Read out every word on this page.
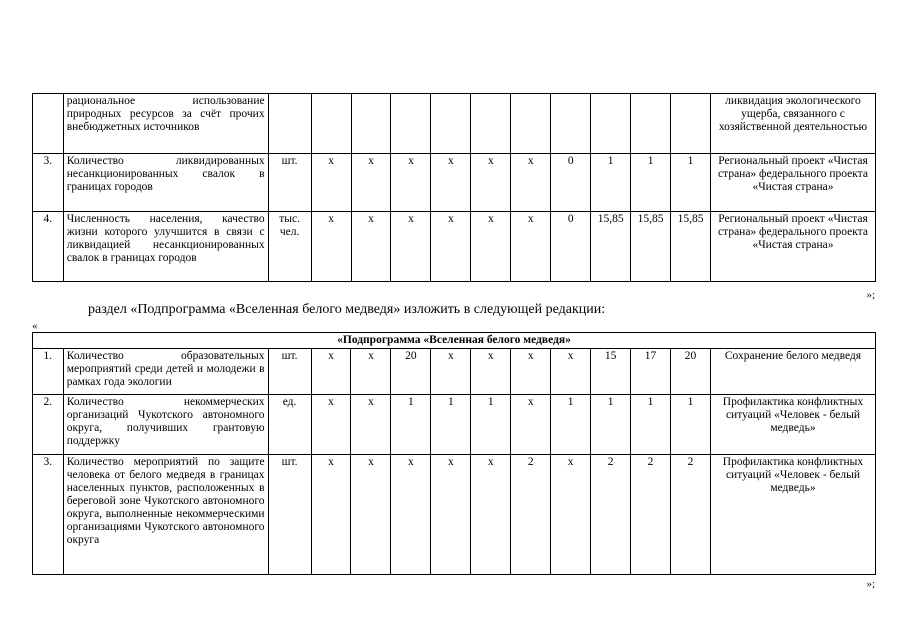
	рациональное использование природных ресурсов за счёт прочих внебюджетных источников												ликвидация экологического ущерба, связанного с хозяйственной деятельностью
3.	Количество ликвидированных несанкционированных свалок в границах городов	шт.	х	х	х	х	х	х	0	1	1	1	Региональный проект «Чистая страна» федерального проекта «Чистая страна»
4.	Численность населения, качество жизни которого улучшится в связи с ликвидацией несанкционированных свалок в границах городов	тыс. чел.	х	х	х	х	х	х	0	15,85	15,85	15,85	Региональный проект «Чистая страна» федерального проекта «Чистая страна»
»;
раздел «Подпрограмма «Вселенная белого медведя» изложить в следующей редакции:
«
«Подпрограмма «Вселенная белого медведя»													
1.	Количество образовательных мероприятий среди детей и молодежи в рамках года экологии	шт.	х	х	20	х	х	х	х	15	17	20	Сохранение белого медведя
2.	Количество некоммерческих организаций Чукотского автономного округа, получивших грантовую поддержку	ед.	х	х	1	1	1	х	1	1	1	1	Профилактика конфликтных ситуаций «Человек - белый медведь»
3.	Количество мероприятий по защите человека от белого медведя в границах населенных пунктов, расположенных в береговой зоне Чукотского автономного округа, выполненные некоммерческими организациями Чукотского автономного округа	шт.	х	х	х	х	х	2	х	2	2	2	Профилактика конфликтных ситуаций «Человек - белый медведь»
»;
